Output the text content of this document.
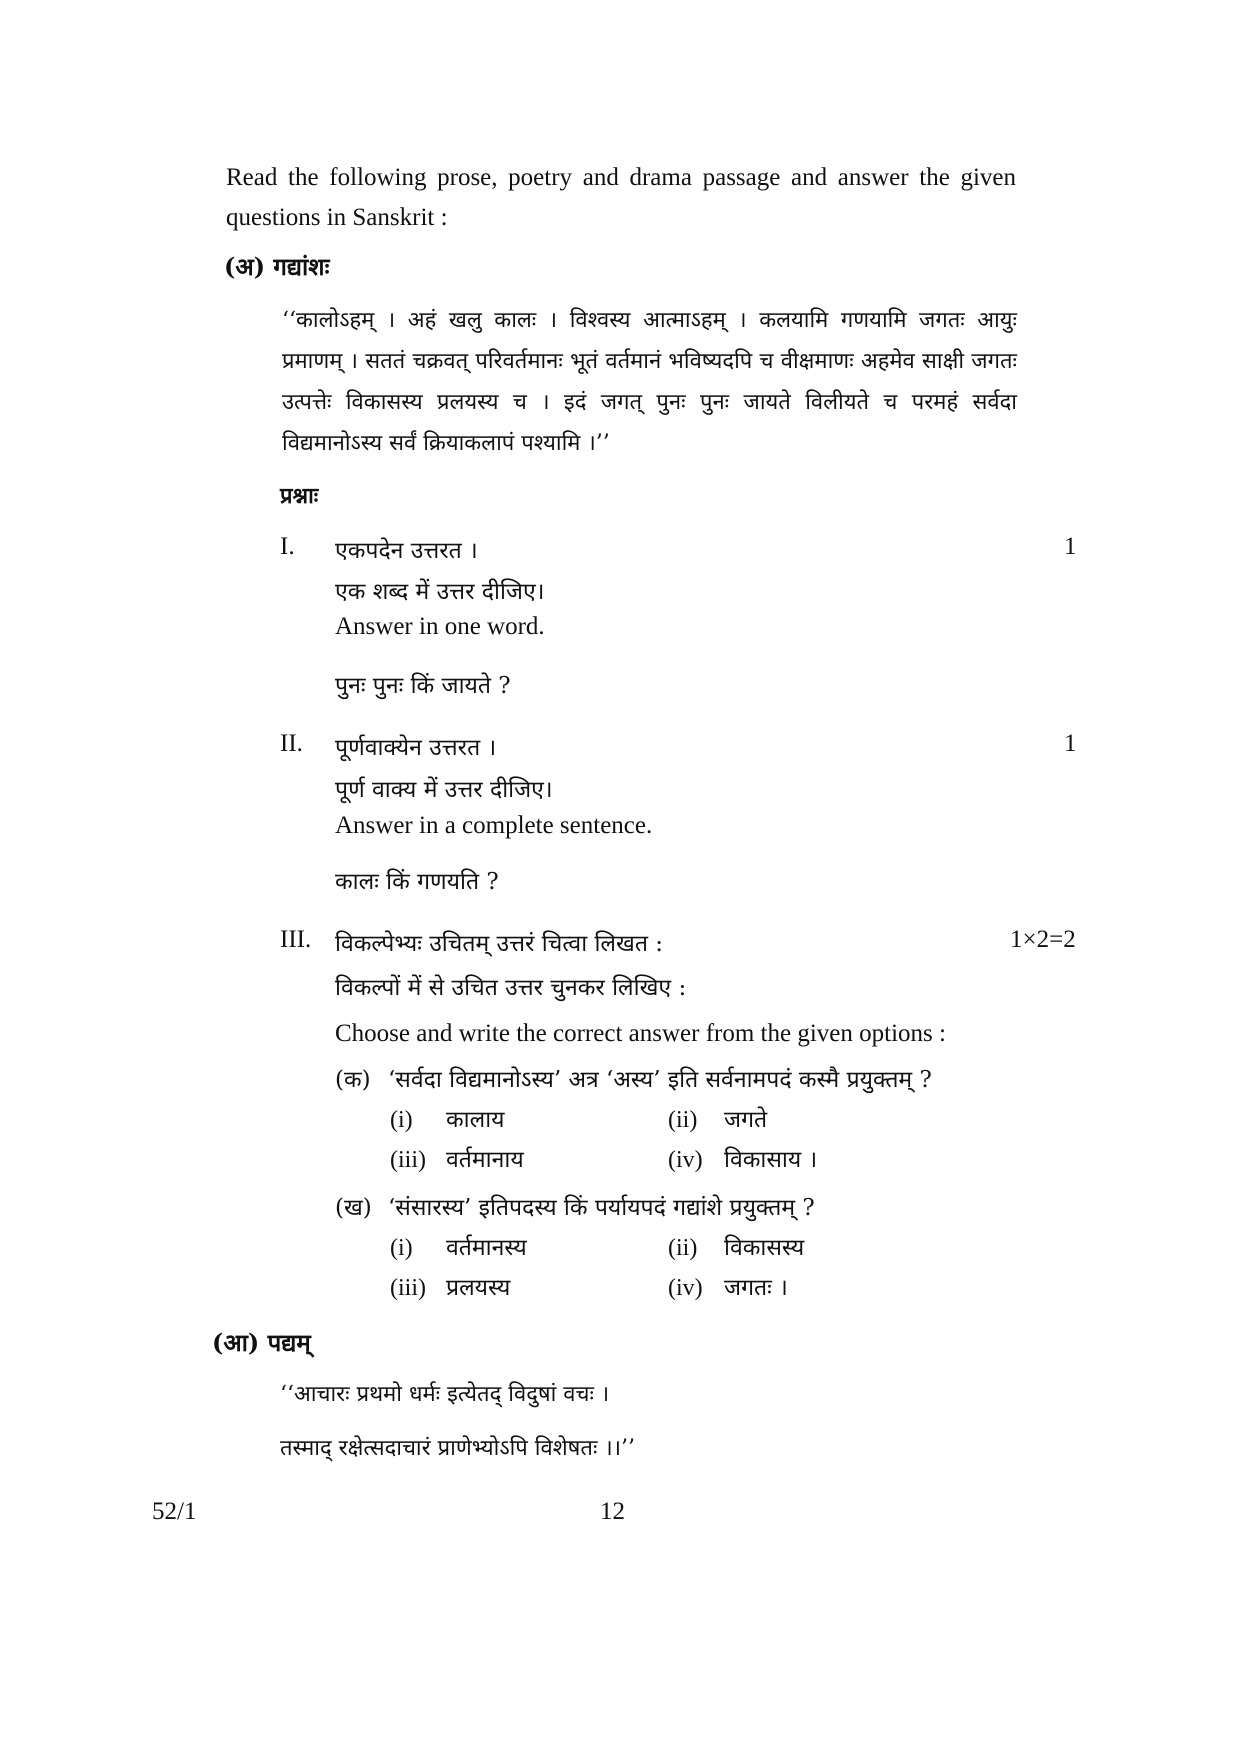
Read the following prose, poetry and drama passage and answer the given questions in Sanskrit :
(अ) गद्यांशः
‘‘कालोऽहम् । अहं खलु कालः । विश्वस्य आत्माऽहम् । कलयामि गणयामि जगतः आयुः प्रमाणम् । सततं चक्रवत् परिवर्तमानः भूतं वर्तमानं भविष्यदपि च वीक्षमाणः अहमेव साक्षी जगतः उत्पत्तेः विकासस्य प्रलयस्य च । इदं जगत् पुनः पुनः जायते विलीयते च परमहं सर्वदा विद्यमानोऽस्य सर्वं क्रियाकलापं पश्यामि ।’’
प्रश्नाः
I. एकपदेन उत्तरत ।	1
एक शब्द में उत्तर दीजिए।
Answer in one word.
पुनः पुनः किं जायते ?
II. पूर्णवाक्येन उत्तरत ।	1
पूर्ण वाक्य में उत्तर दीजिए।
Answer in a complete sentence.
कालः किं गणयति ?
III. विकल्पेभ्यः उचितम् उत्तरं चित्वा लिखत :	1×2=2
विकल्पों में से उचित उत्तर चुनकर लिखिए :
Choose and write the correct answer from the given options :
(क) ‘सर्वदा विद्यमानोऽस्य’ अत्र ‘अस्य’ इति सर्वनामपदं कस्मै प्रयुक्तम् ?
(i) कालाय	(ii) जगते
(iii) वर्तमानाय	(iv) विकासाय ।
(ख) ‘संसारस्य’ इतिपदस्य किं पर्यायपदं गद्यांशे प्रयुक्तम् ?
(i) वर्तमानस्य	(ii) विकासस्य
(iii) प्रलयस्य	(iv) जगतः ।
(आ) पद्यम्
‘‘आचारः प्रथमो धर्मः इत्येतद् विदुषां वचः ।
तस्माद् रक्षेत्सदाचारं प्राणेभ्योऽपि विशेषतः ।।’’
52/1	12
